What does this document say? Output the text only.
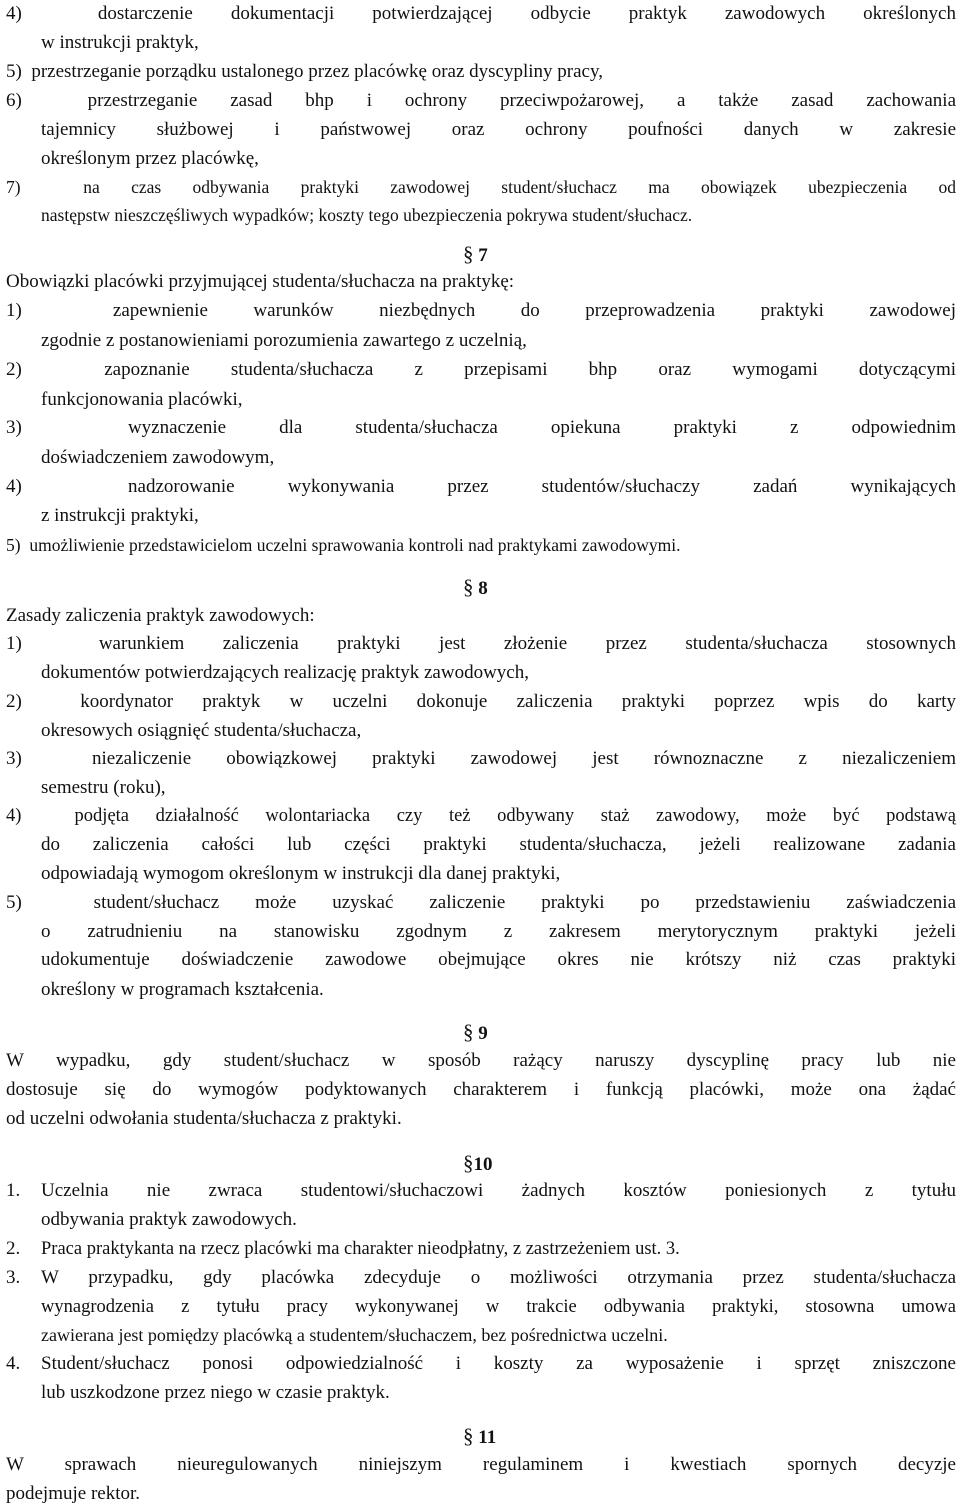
4)  dostarczenie dokumentacji potwierdzającej odbycie praktyk zawodowych określonych
w instrukcji praktyk,
5)  przestrzeganie porządku ustalonego przez placówkę oraz dyscypliny pracy,
6)  przestrzeganie zasad bhp i ochrony przeciwpożarowej, a także zasad zachowania
tajemnicy służbowej i państwowej oraz ochrony poufności danych w zakresie
określonym przez placówkę,
7)  na czas odbywania praktyki zawodowej student/słuchacz ma obowiązek ubezpieczenia od
następstw nieszczęśliwych wypadków; koszty tego ubezpieczenia pokrywa student/słuchacz.
§ 7
Obowiązki placówki przyjmującej studenta/słuchacza na praktykę:
1)  zapewnienie warunków niezbędnych do przeprowadzenia praktyki zawodowej
zgodnie z postanowieniami porozumienia zawartego z uczelnią,
2)  zapoznanie studenta/słuchacza z przepisami bhp oraz wymogami dotyczącymi
funkcjonowania placówki,
3)  wyznaczenie dla studenta/słuchacza opiekuna praktyki z odpowiednim
doświadczeniem zawodowym,
4)  nadzorowanie wykonywania przez studentów/słuchaczy zadań wynikających
z instrukcji praktyki,
5)  umożliwienie przedstawicielom uczelni sprawowania kontroli nad praktykami zawodowymi.
§ 8
Zasady zaliczenia praktyk zawodowych:
1)  warunkiem zaliczenia praktyki jest złożenie przez studenta/słuchacza stosownych
dokumentów potwierdzających realizację praktyk zawodowych,
2)  koordynator praktyk w uczelni dokonuje zaliczenia praktyki poprzez wpis do karty
okresowych osiągnięć studenta/słuchacza,
3)  niezaliczenie obowiązkowej praktyki zawodowej jest równoznaczne z niezaliczeniem
semestru (roku),
4)  podjęta działalność wolontariacka czy też odbywany staż zawodowy, może być podstawą
do zaliczenia całości lub części praktyki studenta/słuchacza, jeżeli realizowane zadania
odpowiadają wymogom określonym w instrukcji dla danej praktyki,
5)  student/słuchacz może uzyskać zaliczenie praktyki po przedstawieniu zaświadczenia
o zatrudnieniu na stanowisku zgodnym z zakresem merytorycznym praktyki jeżeli
udokumentuje doświadczenie zawodowe obejmujące okres nie krótszy niż czas praktyki
określony w programach kształcenia.
§ 9
W wypadku, gdy student/słuchacz w sposób rażący naruszy dyscyplinę pracy lub nie
dostosuje się do wymogów podyktowanych charakterem i funkcją placówki, może ona żądać
od uczelni odwołania studenta/słuchacza z praktyki.
§10
1. Uczelnia nie zwraca studentowi/słuchaczowi żadnych kosztów poniesionych z tytułu
odbywania praktyk zawodowych.
2. Praca praktykanta na rzecz placówki ma charakter nieodpłatny, z zastrzeżeniem ust. 3.
3. W przypadku, gdy placówka zdecyduje o możliwości otrzymania przez studenta/słuchacza
wynagrodzenia z tytułu pracy wykonywanej w trakcie odbywania praktyki, stosowna umowa
zawierana jest pomiędzy placówką a studentem/słuchaczem, bez pośrednictwa uczelni.
4. Student/słuchacz ponosi odpowiedzialność i koszty za wyposażenie i sprzęt zniszczone
lub uszkodzone przez niego w czasie praktyk.
§ 11
W sprawach nieuregulowanych niniejszym regulaminem i kwestiach spornych decyzje
podejmuje rektor.
